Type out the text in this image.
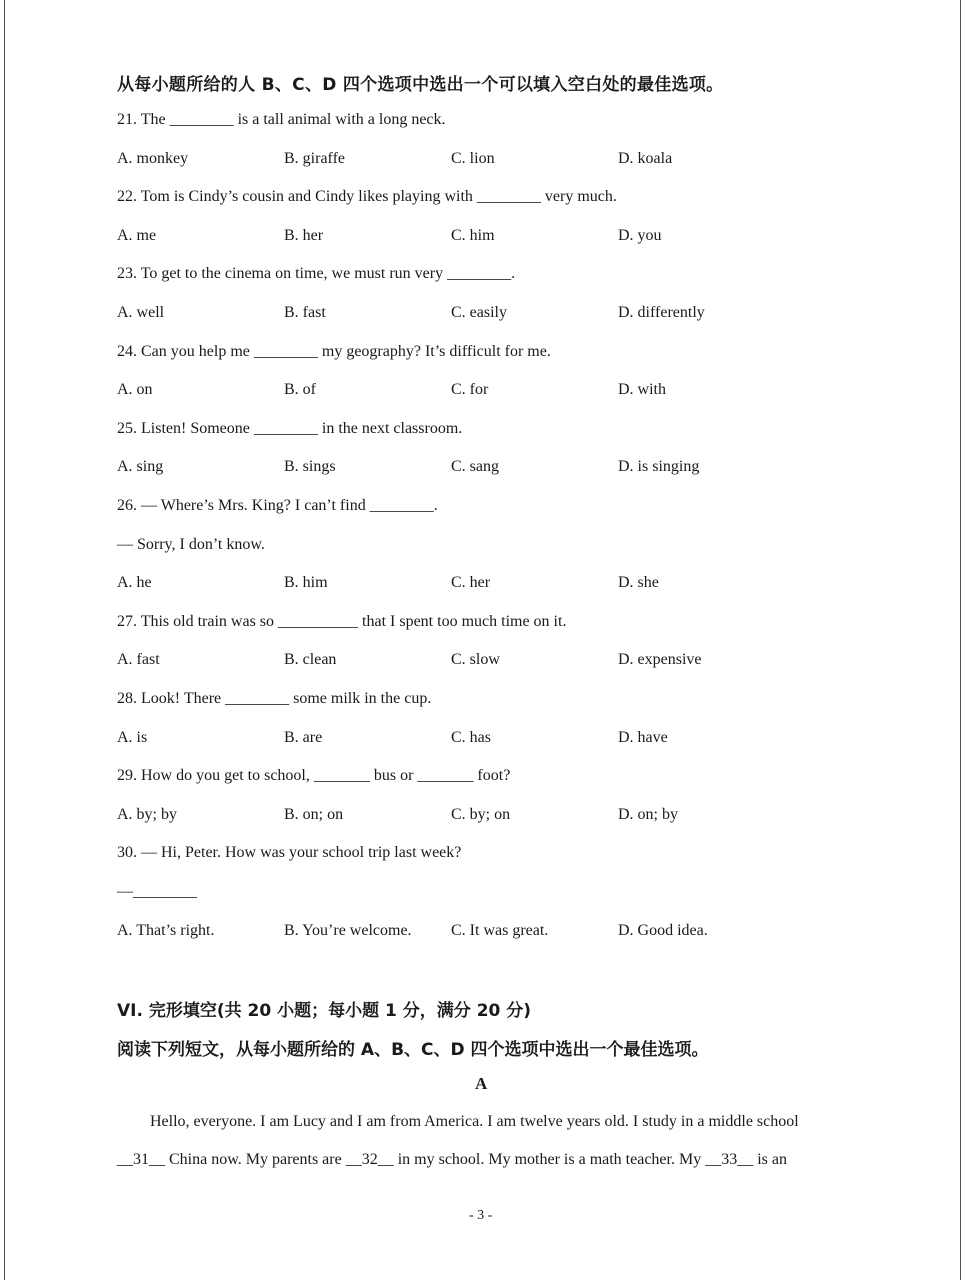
从每小题所给的人 B、C、D 四个选项中选出一个可以填入空白处的最佳选项。
21. The ________ is a tall animal with a long neck.
A. monkey	B. giraffe	C. lion	D. koala
22. Tom is Cindy’s cousin and Cindy likes playing with ________ very much.
A. me	B. her	C. him	D. you
23. To get to the cinema on time, we must run very ________.
A. well	B. fast	C. easily	D. differently
24. Can you help me ________ my geography? It’s difficult for me.
A. on	B. of	C. for	D. with
25. Listen! Someone ________ in the next classroom.
A. sing	B. sings	C. sang	D. is singing
26. — Where’s Mrs. King? I can’t find ________.
— Sorry, I don’t know.
A. he	B. him	C. her	D. she
27. This old train was so __________ that I spent too much time on it.
A. fast	B. clean	C. slow	D. expensive
28. Look! There ________ some milk in the cup.
A. is	B. are	C. has	D. have
29. How do you get to school, _______ bus or _______ foot?
A. by; by	B. on; on	C. by; on	D. on; by
30. — Hi, Peter. How was your school trip last week?
—________
A. That’s right.	B. You’re welcome. C. It was great.	D. Good idea.
VI. 完形填空(共 20 小题；每小题 1 分，满分 20 分)
阅读下列短文，从每小题所给的 A、B、C、D 四个选项中选出一个最佳选项。
A
Hello, everyone. I am Lucy and I am from America. I am twelve years old. I study in a middle school
__31__ China now. My parents are __32__ in my school. My mother is a math teacher. My __33__ is an
- 3 -
